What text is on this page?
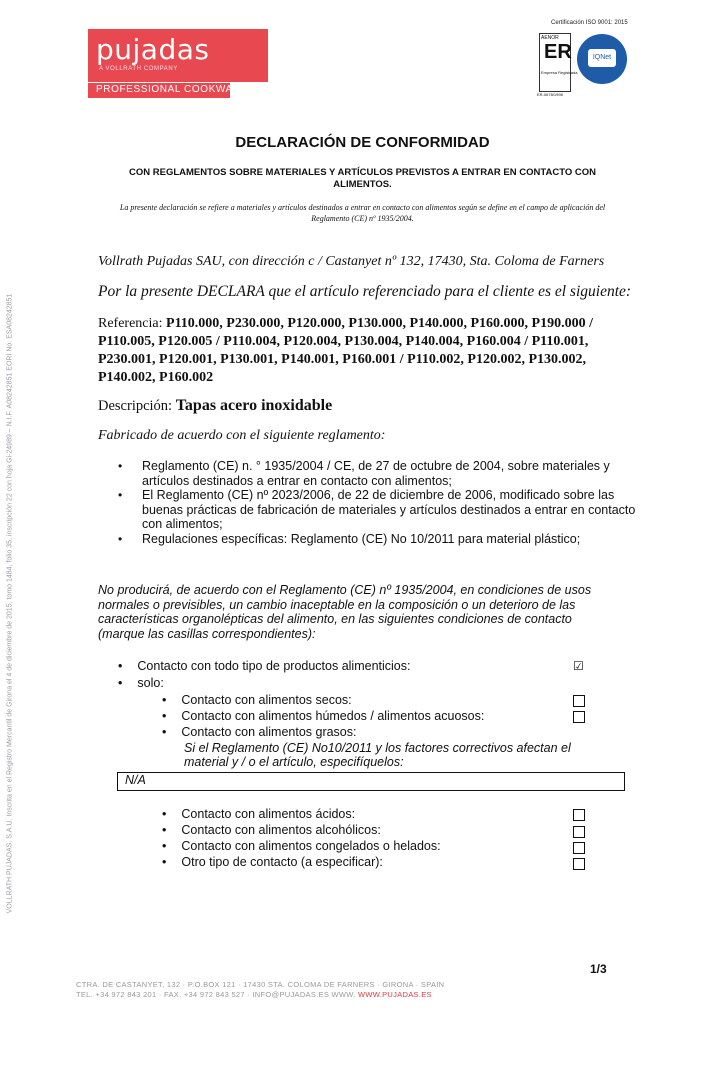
pujadas
A VOLLRATH COMPANY
PROFESSIONAL COOKWARE
Certificación ISO 9001: 2015
AENOR
ER
Empresa Registrada
ER-0678/1998
IQNet
VOLLRATH PUJADAS, S.A.U. Inscrita en el Registro Mercantil de Girona el 4 de diciembre de 2015, tomo 1484, folio 35, inscripción 22 con hoja Gi-24989 – N.I.F. A08242851 EORI No. ESA08242851
DECLARACIÓN DE CONFORMIDAD
CON REGLAMENTOS SOBRE MATERIALES Y ARTÍCULOS PREVISTOS A ENTRAR EN CONTACTO CON ALIMENTOS.
La presente declaración se refiere a materiales y artículos destinados a entrar en contacto con alimentos según se define en el campo de aplicación del Reglamento (CE) nº 1935/2004.
Vollrath Pujadas SAU, con dirección c / Castanyet nº 132, 17430, Sta. Coloma de Farners
Por la presente DECLARA que el artículo referenciado para el cliente es el siguiente:
Referencia: P110.000, P230.000, P120.000, P130.000, P140.000, P160.000, P190.000 / P110.005, P120.005 / P110.004, P120.004, P130.004, P140.004, P160.004 / P110.001, P230.001, P120.001, P130.001, P140.001, P160.001 / P110.002, P120.002, P130.002, P140.002, P160.002
Descripción: Tapas acero inoxidable
Fabricado de acuerdo con el siguiente reglamento:
• Reglamento (CE) n. ° 1935/2004 / CE, de 27 de octubre de 2004, sobre materiales y artículos destinados a entrar en contacto con alimentos;
• El Reglamento (CE) nº 2023/2006, de 22 de diciembre de 2006, modificado sobre las buenas prácticas de fabricación de materiales y artículos destinados a entrar en contacto con alimentos;
• Regulaciones específicas: Reglamento (CE) No 10/2011 para material plástico;
No producirá, de acuerdo con el Reglamento (CE) nº 1935/2004, en condiciones de usos normales o previsibles, un cambio inaceptable en la composición o un deterioro de las características organolépticas del alimento, en las siguientes condiciones de contacto (marque las casillas correspondientes):
• Contacto con todo tipo de productos alimenticios:	☑
• solo:
• Contacto con alimentos secos:
• Contacto con alimentos húmedos / alimentos acuosos:
• Contacto con alimentos grasos:
Si el Reglamento (CE) No10/2011 y los factores correctivos afectan el material y / o el artículo, especifíquelos:
N/A
• Contacto con alimentos ácidos:
• Contacto con alimentos alcohólicos:
• Contacto con alimentos congelados o helados:
• Otro tipo de contacto (a especificar):
1/3
CTRA. DE CASTANYET, 132 · P.O.BOX 121 · 17430 STA. COLOMA DE FARNERS · GIRONA · SPAIN
TEL. +34 972 843 201 · FAX. +34 972 843 527 · INFO@PUJADAS.ES WWW. WWW.PUJADAS.ES
